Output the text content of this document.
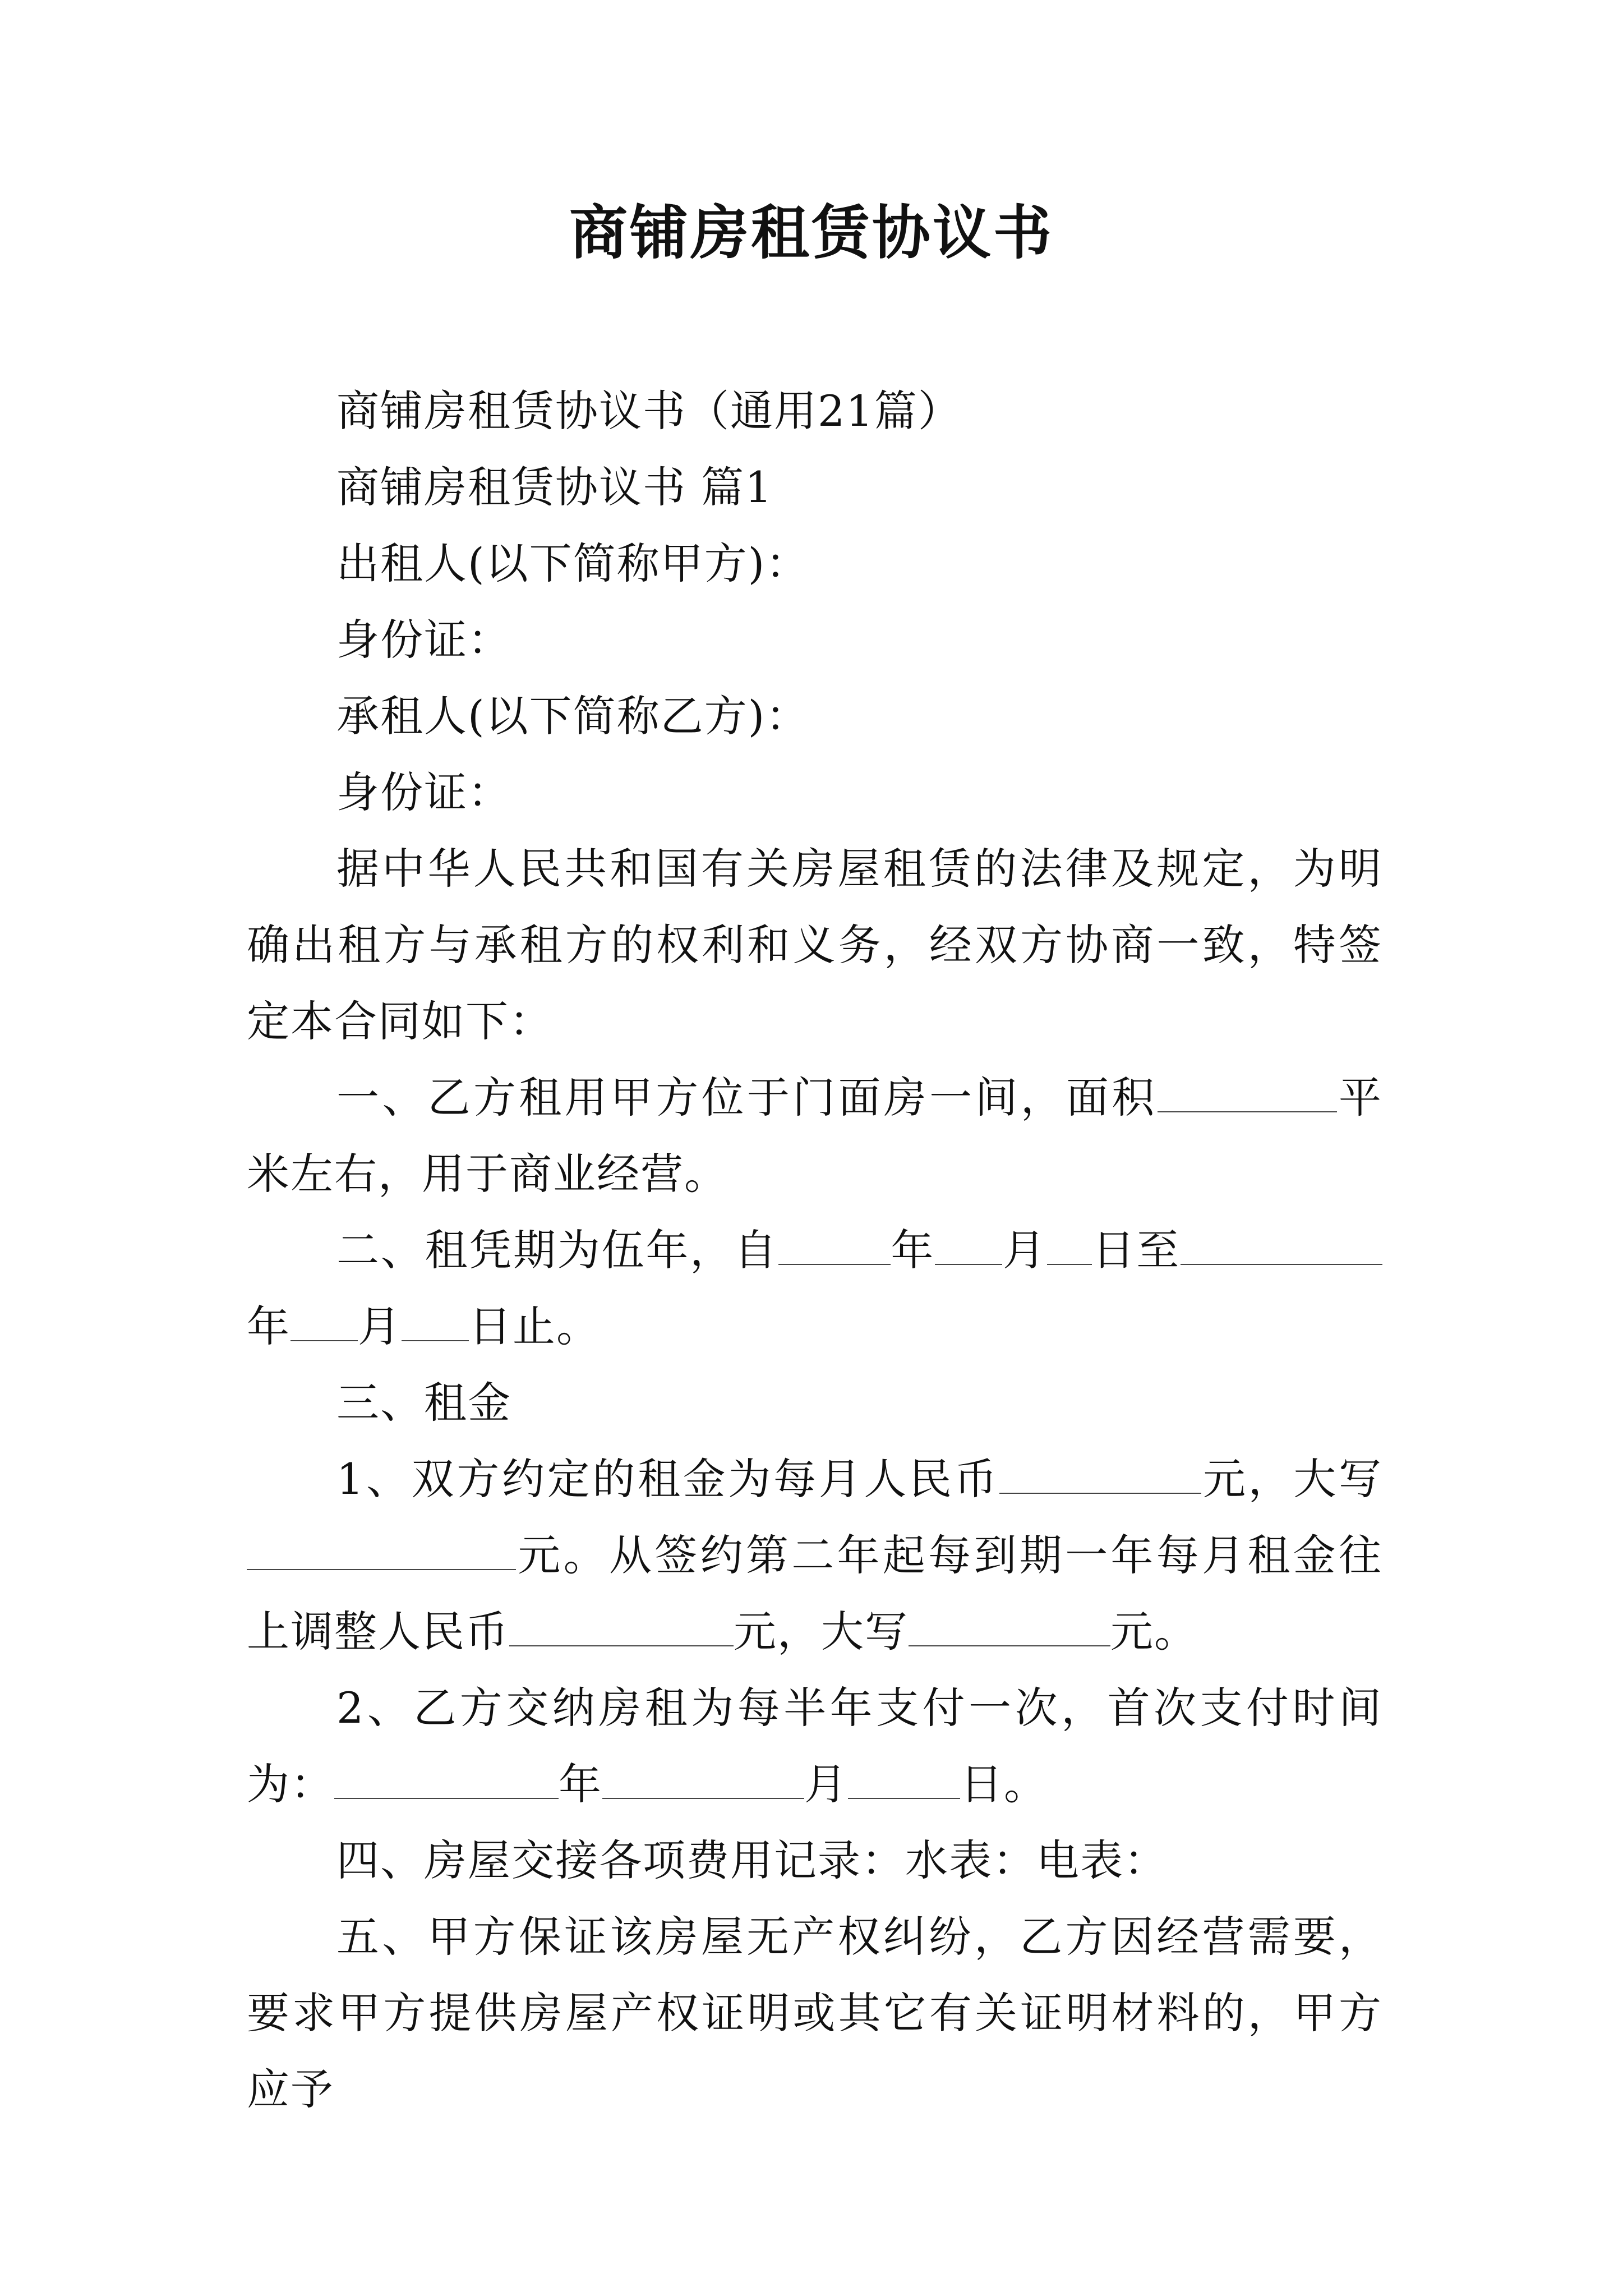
商铺房租赁协议书

商铺房租赁协议书（通用21篇）

商铺房租赁协议书 篇1

出租人(以下简称甲方)：

身份证：

承租人(以下简称乙方)：

身份证：

据中华人民共和国有关房屋租赁的法律及规定，为明确出租方与承租方的权利和义务，经双方协商一致，特签定本合同如下：

一、乙方租用甲方位于门面房一间，面积	平米左右，用于商业经营。

二、租凭期为伍年，自	年 月 日至年 月 日止。

三、租金

1、双方约定的租金为每月人民币	元，大写元。从签约第二年起每到期一年每月租金往上调整人民币	元，大写	元。

2、乙方交纳房租为每半年支付一次，首次支付时间为：	年	月	日。

四、房屋交接各项费用记录：水表：电表：

五、甲方保证该房屋无产权纠纷，乙方因经营需要，要求甲方提供房屋产权证明或其它有关证明材料的，甲方应予
